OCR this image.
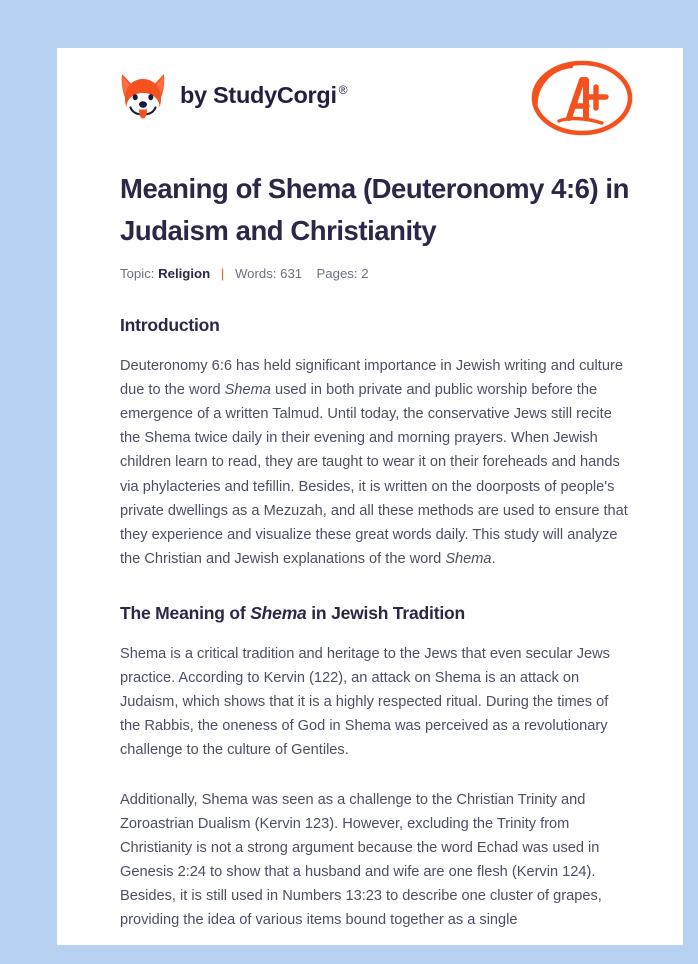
by StudyCorgi ®
Meaning of Shema (Deuteronomy 4:6) in Judaism and Christianity
Topic: Religion | Words: 631 Pages: 2
Introduction

Deuteronomy 6:6 has held significant importance in Jewish writing and culture due to the word Shema used in both private and public worship before the emergence of a written Talmud. Until today, the conservative Jews still recite the Shema twice daily in their evening and morning prayers. When Jewish children learn to read, they are taught to wear it on their foreheads and hands via phylacteries and tefillin. Besides, it is written on the doorposts of people's private dwellings as a Mezuzah, and all these methods are used to ensure that they experience and visualize these great words daily. This study will analyze the Christian and Jewish explanations of the word Shema.

The Meaning of Shema in Jewish Tradition

Shema is a critical tradition and heritage to the Jews that even secular Jews practice. According to Kervin (122), an attack on Shema is an attack on Judaism, which shows that it is a highly respected ritual. During the times of the Rabbis, the oneness of God in Shema was perceived as a revolutionary challenge to the culture of Gentiles.

Additionally, Shema was seen as a challenge to the Christian Trinity and Zoroastrian Dualism (Kervin 123). However, excluding the Trinity from Christianity is not a strong argument because the word Echad was used in Genesis 2:24 to show that a husband and wife are one flesh (Kervin 124). Besides, it is still used in Numbers 13:23 to describe one cluster of grapes, providing the idea of various items bound together as a single
